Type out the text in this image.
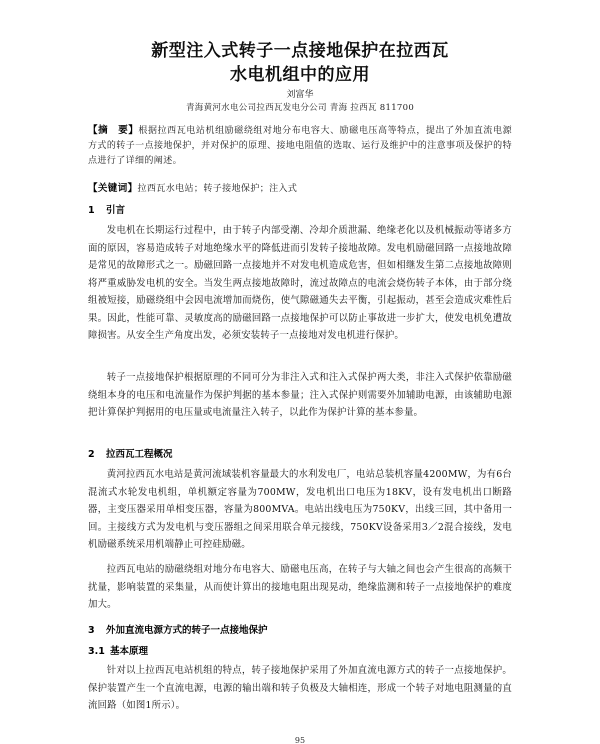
新型注入式转子一点接地保护在拉西瓦
水电机组中的应用
刘富华
青海黄河水电公司拉西瓦发电分公司 青海 拉西瓦 811700
【摘　要】根据拉西瓦电站机组励磁绕组对地分布电容大、励磁电压高等特点，提出了外加直流电源方式的转子一点接地保护，并对保护的原理、接地电阻值的选取、运行及维护中的注意事项及保护的特点进行了详细的阐述。
【关键词】拉西瓦水电站；转子接地保护；注入式
1 引言
发电机在长期运行过程中，由于转子内部受潮、冷却介质泄漏、绝缘老化以及机械振动等诸多方面的原因，容易造成转子对地绝缘水平的降低进而引发转子接地故障。发电机励磁回路一点接地故障是常见的故障形式之一。励磁回路一点接地并不对发电机造成危害，但如相继发生第二点接地故障则将严重威胁发电机的安全。当发生两点接地故障时，流过故障点的电流会烧伤转子本体，由于部分绕组被短接，励磁绕组中会因电流增加而烧伤，使气隙磁通失去平衡，引起振动，甚至会造成灾难性后果。因此，性能可靠、灵敏度高的励磁回路一点接地保护可以防止事故进一步扩大，使发电机免遭故障损害。从安全生产角度出发，必须安装转子一点接地对发电机进行保护。
转子一点接地保护根据原理的不同可分为非注入式和注入式保护两大类，非注入式保护依靠励磁绕组本身的电压和电流量作为保护判据的基本参量；注入式保护则需要外加辅助电源，由该辅助电源把计算保护判据用的电压量或电流量注入转子，以此作为保护计算的基本参量。
2 拉西瓦工程概况
黄河拉西瓦水电站是黄河流域装机容量最大的水利发电厂，电站总装机容量4200MW，为有6台混流式水轮发电机组，单机额定容量为700MW，发电机出口电压为18KV，设有发电机出口断路器，主变压器采用单相变压器，容量为800MVA。电站出线电压为750KV，出线三回，其中备用一回。主接线方式为发电机与变压器组之间采用联合单元接线，750KV设备采用3／2混合接线，发电机励磁系统采用机端静止可控硅励磁。
拉西瓦电站的励磁绕组对地分布电容大、励磁电压高，在转子与大轴之间也会产生很高的高频干扰量，影响装置的采集量，从而使计算出的接地电阻出现晃动，绝缘监测和转子一点接地保护的难度加大。
3 外加直流电源方式的转子一点接地保护
3.1 基本原理
针对以上拉西瓦电站机组的特点，转子接地保护采用了外加直流电源方式的转子一点接地保护。保护装置产生一个直流电源，电源的输出端和转子负极及大轴相连，形成一个转子对地电阻测量的直流回路（如图1所示）。
95
